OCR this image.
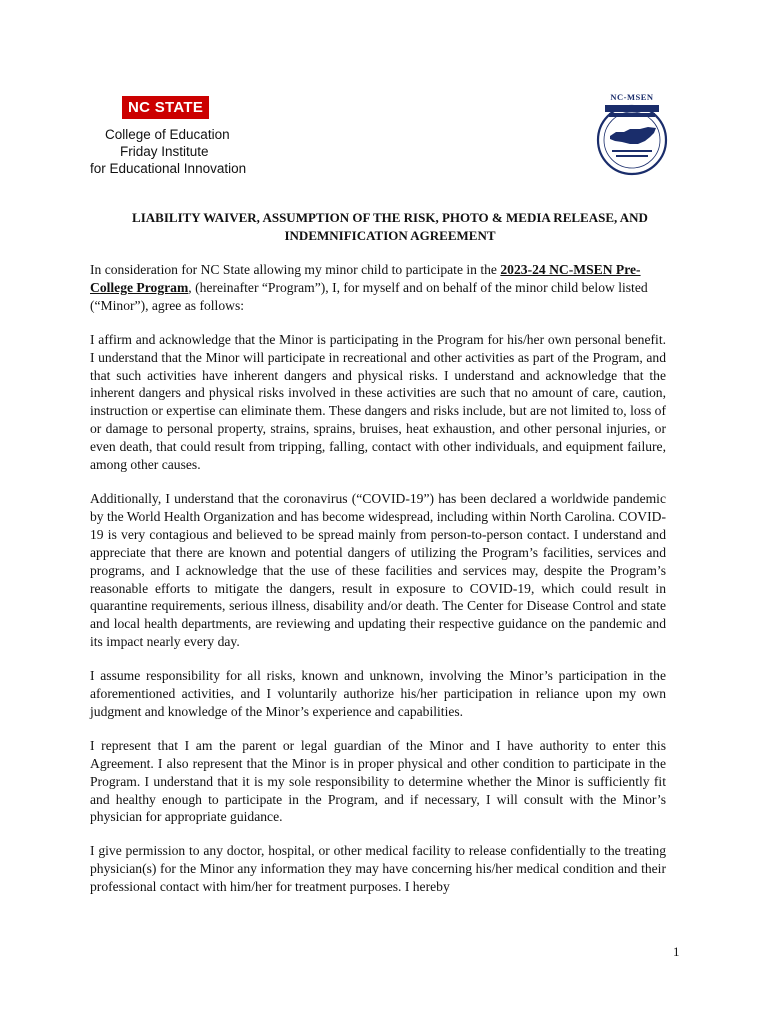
NC STATE
College of Education
Friday Institute
for Educational Innovation
NC-MSEN
LIABILITY WAIVER, ASSUMPTION OF THE RISK, PHOTO & MEDIA RELEASE, AND
INDEMNIFICATION AGREEMENT

In consideration for NC State allowing my minor child to participate in the 2023-24 NC-MSEN Pre-College Program, (hereinafter “Program”), I, for myself and on behalf of the minor child below listed (“Minor”), agree as follows:

I affirm and acknowledge that the Minor is participating in the Program for his/her own personal benefit. I understand that the Minor will participate in recreational and other activities as part of the Program, and that such activities have inherent dangers and physical risks. I understand and acknowledge that the inherent dangers and physical risks involved in these activities are such that no amount of care, caution, instruction or expertise can eliminate them. These dangers and risks include, but are not limited to, loss of or damage to personal property, strains, sprains, bruises, heat exhaustion, and other personal injuries, or even death, that could result from tripping, falling, contact with other individuals, and equipment failure, among other causes.

Additionally, I understand that the coronavirus (“COVID-19”) has been declared a worldwide pandemic by the World Health Organization and has become widespread, including within North Carolina. COVID-19 is very contagious and believed to be spread mainly from person-to-person contact. I understand and appreciate that there are known and potential dangers of utilizing the Program’s facilities, services and programs, and I acknowledge that the use of these facilities and services may, despite the Program’s reasonable efforts to mitigate the dangers, result in exposure to COVID-19, which could result in quarantine requirements, serious illness, disability and/or death. The Center for Disease Control and state and local health departments, are reviewing and updating their respective guidance on the pandemic and its impact nearly every day.

I assume responsibility for all risks, known and unknown, involving the Minor’s participation in the aforementioned activities, and I voluntarily authorize his/her participation in reliance upon my own judgment and knowledge of the Minor’s experience and capabilities.

I represent that I am the parent or legal guardian of the Minor and I have authority to enter this Agreement. I also represent that the Minor is in proper physical and other condition to participate in the Program. I understand that it is my sole responsibility to determine whether the Minor is sufficiently fit and healthy enough to participate in the Program, and if necessary, I will consult with the Minor’s physician for appropriate guidance.

I give permission to any doctor, hospital, or other medical facility to release confidentially to the treating physician(s) for the Minor any information they may have concerning his/her medical condition and their professional contact with him/her for treatment purposes. I hereby

1
